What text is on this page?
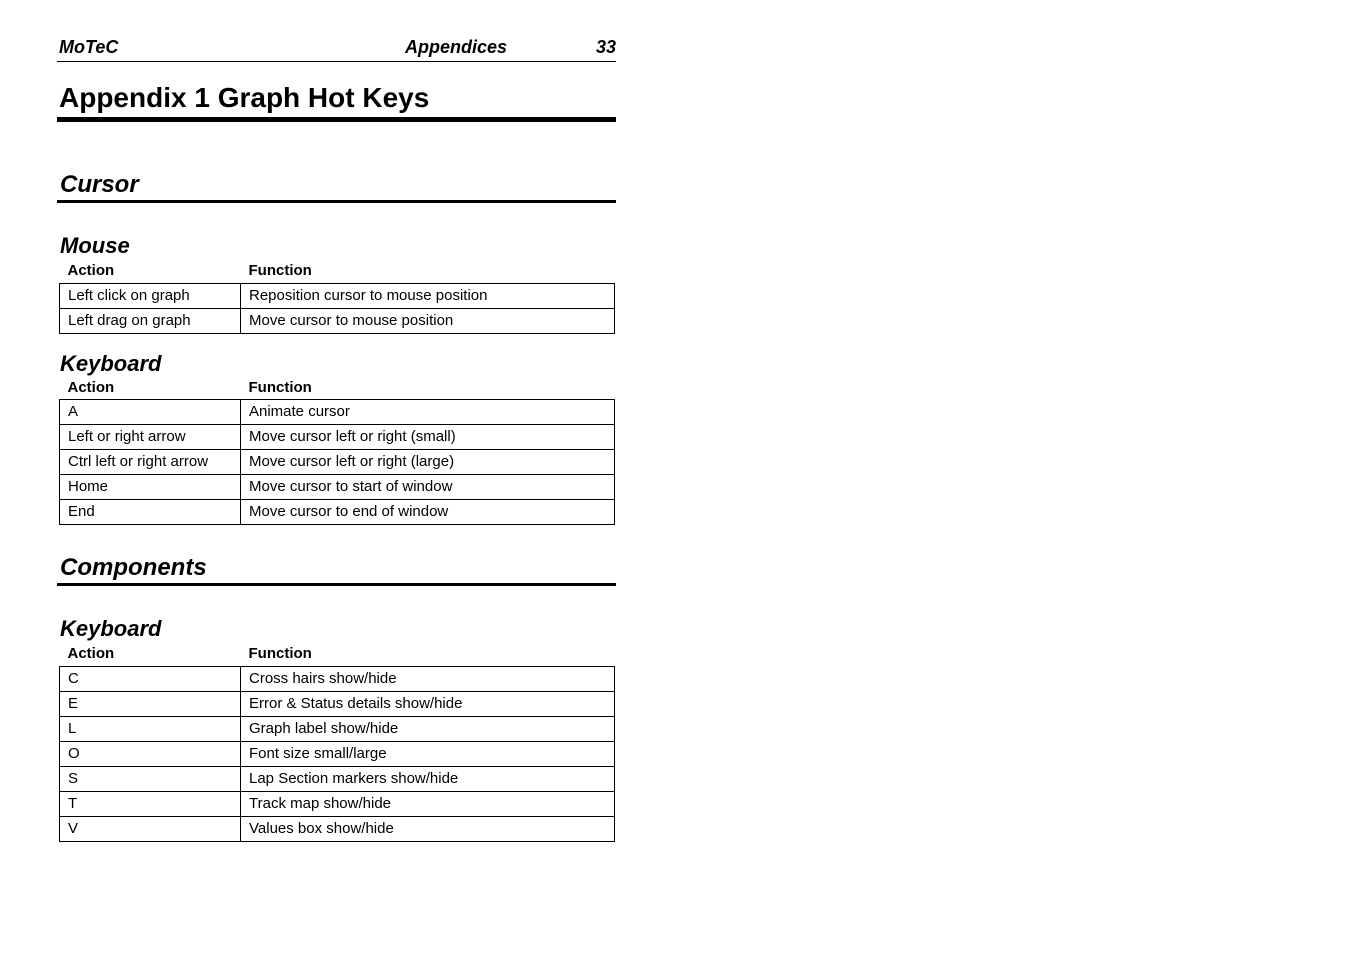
MoTeC	Appendices	33
Appendix 1 Graph Hot Keys
Cursor
Mouse
Action	Function
Left click on graph	Reposition cursor to mouse position
Left drag on graph	Move cursor to mouse position
Keyboard
Action	Function
A	Animate cursor
Left or right arrow	Move cursor left or right (small)
Ctrl left or right arrow	Move cursor left or right (large)
Home	Move cursor to start of window
End	Move cursor to end of window
Components
Keyboard
Action	Function
C	Cross hairs show/hide
E	Error & Status details show/hide
L	Graph label show/hide
O	Font size small/large
S	Lap Section markers show/hide
T	Track map show/hide
V	Values box show/hide
